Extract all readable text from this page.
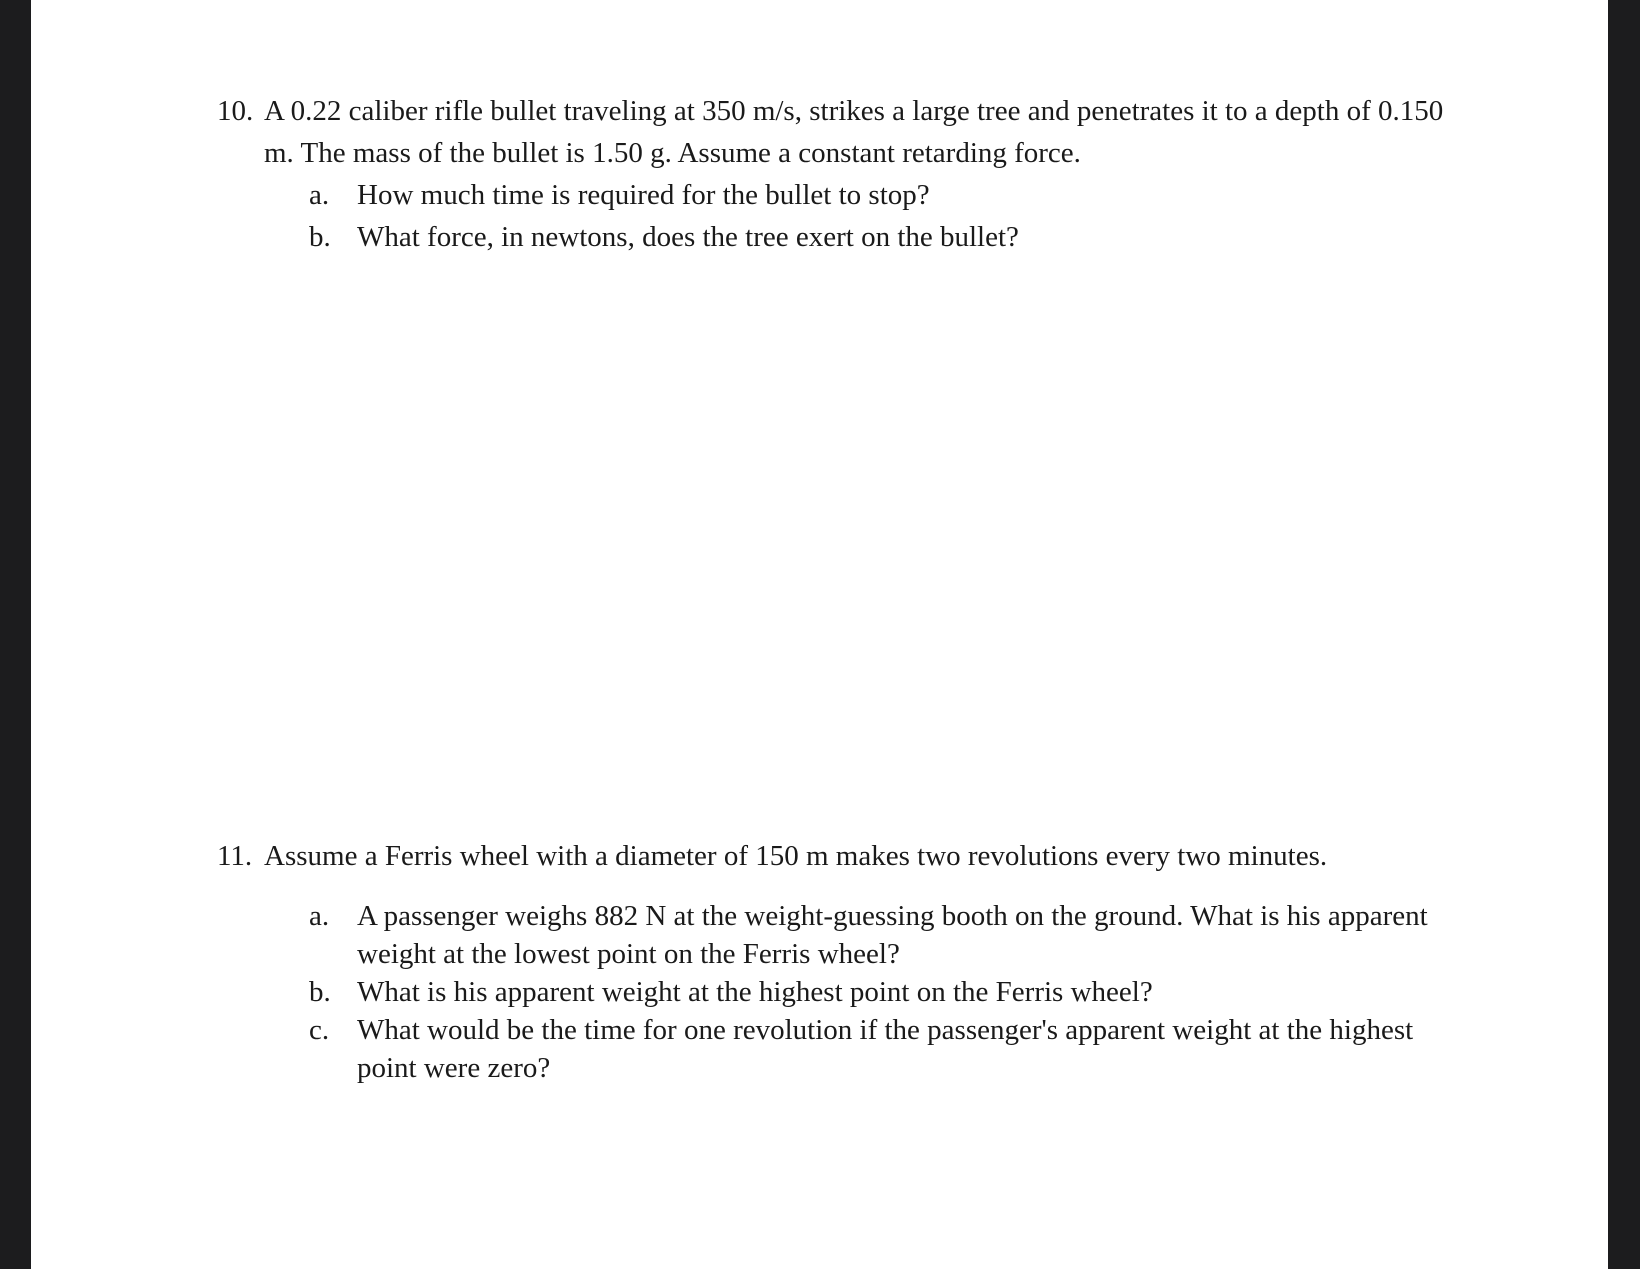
10. A 0.22 caliber rifle bullet traveling at 350 m/s, strikes a large tree and penetrates it to a depth of 0.150 m. The mass of the bullet is 1.50 g. Assume a constant retarding force.
a. How much time is required for the bullet to stop?
b. What force, in newtons, does the tree exert on the bullet?
11. Assume a Ferris wheel with a diameter of 150 m makes two revolutions every two minutes.
a. A passenger weighs 882 N at the weight-guessing booth on the ground. What is his apparent weight at the lowest point on the Ferris wheel?
b. What is his apparent weight at the highest point on the Ferris wheel?
c. What would be the time for one revolution if the passenger's apparent weight at the highest point were zero?
